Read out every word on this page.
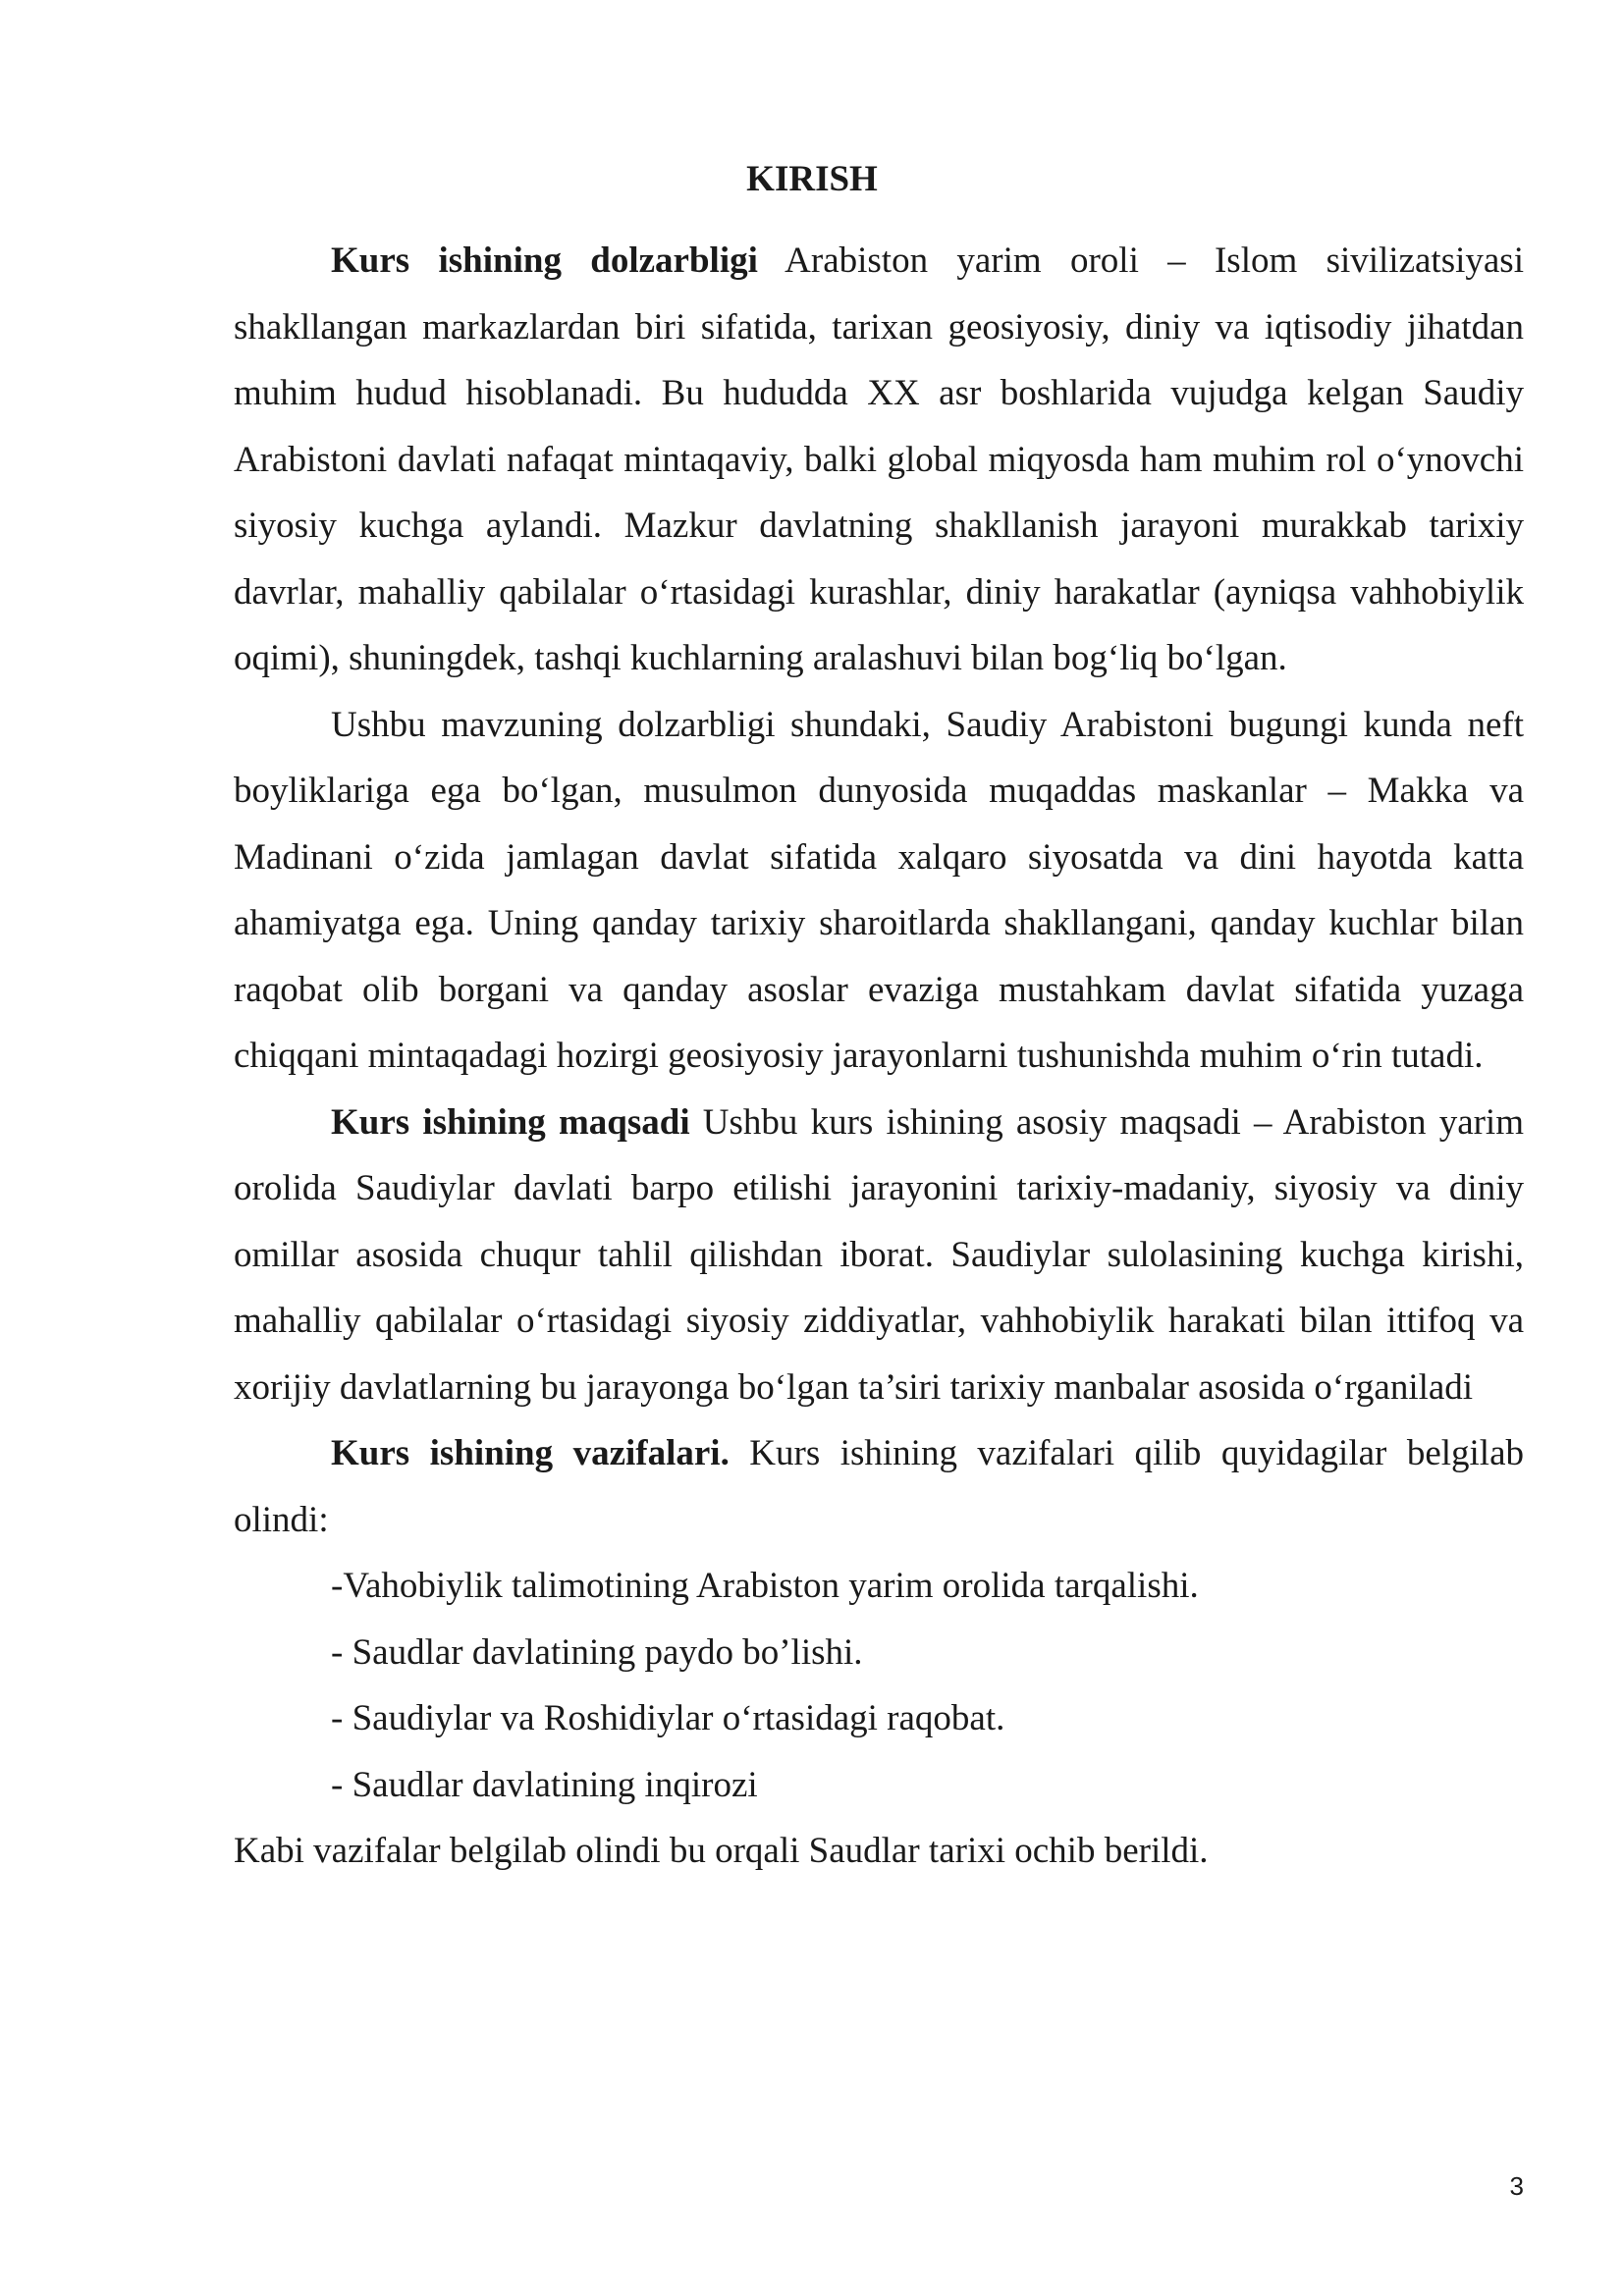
KIRISH

Kurs ishining dolzarbligi Arabiston yarim oroli – Islom sivilizatsiyasi shakllangan markazlardan biri sifatida, tarixan geosiyosiy, diniy va iqtisodiy jihatdan muhim hudud hisoblanadi. Bu hududda XX asr boshlarida vujudga kelgan Saudiy Arabistoni davlati nafaqat mintaqaviy, balki global miqyosda ham muhim rol o‘ynovchi siyosiy kuchga aylandi. Mazkur davlatning shakllanish jarayoni murakkab tarixiy davrlar, mahalliy qabilalar o‘rtasidagi kurashlar, diniy harakatlar (ayniqsa vahhobiylik oqimi), shuningdek, tashqi kuchlarning aralashuvi bilan bog‘liq bo‘lgan.

Ushbu mavzuning dolzarbligi shundaki, Saudiy Arabistoni bugungi kunda neft boyliklariga ega bo‘lgan, musulmon dunyosida muqaddas maskanlar – Makka va Madinani o‘zida jamlagan davlat sifatida xalqaro siyosatda va dini hayotda katta ahamiyatga ega. Uning qanday tarixiy sharoitlarda shakllangani, qanday kuchlar bilan raqobat olib borgani va qanday asoslar evaziga mustahkam davlat sifatida yuzaga chiqqani mintaqadagi hozirgi geosiyosiy jarayonlarni tushunishda muhim o‘rin tutadi.

Kurs ishining maqsadi Ushbu kurs ishining asosiy maqsadi – Arabiston yarim orolida Saudiylar davlati barpo etilishi jarayonini tarixiy-madaniy, siyosiy va diniy omillar asosida chuqur tahlil qilishdan iborat. Saudiylar sulolasining kuchga kirishi, mahalliy qabilalar o‘rtasidagi siyosiy ziddiyatlar, vahhobiylik harakati bilan ittifoq va xorijiy davlatlarning bu jarayonga bo‘lgan ta’siri tarixiy manbalar asosida o‘rganiladi

Kurs ishining vazifalari. Kurs ishining vazifalari qilib quyidagilar belgilab olindi:

-Vahobiylik talimotining Arabiston yarim orolida tarqalishi.

- Saudlar davlatining paydo bo’lishi.

- Saudiylar va Roshidiylar o‘rtasidagi raqobat.

- Saudlar davlatining inqirozi

Kabi vazifalar belgilab olindi bu orqali Saudlar tarixi ochib berildi.

3
